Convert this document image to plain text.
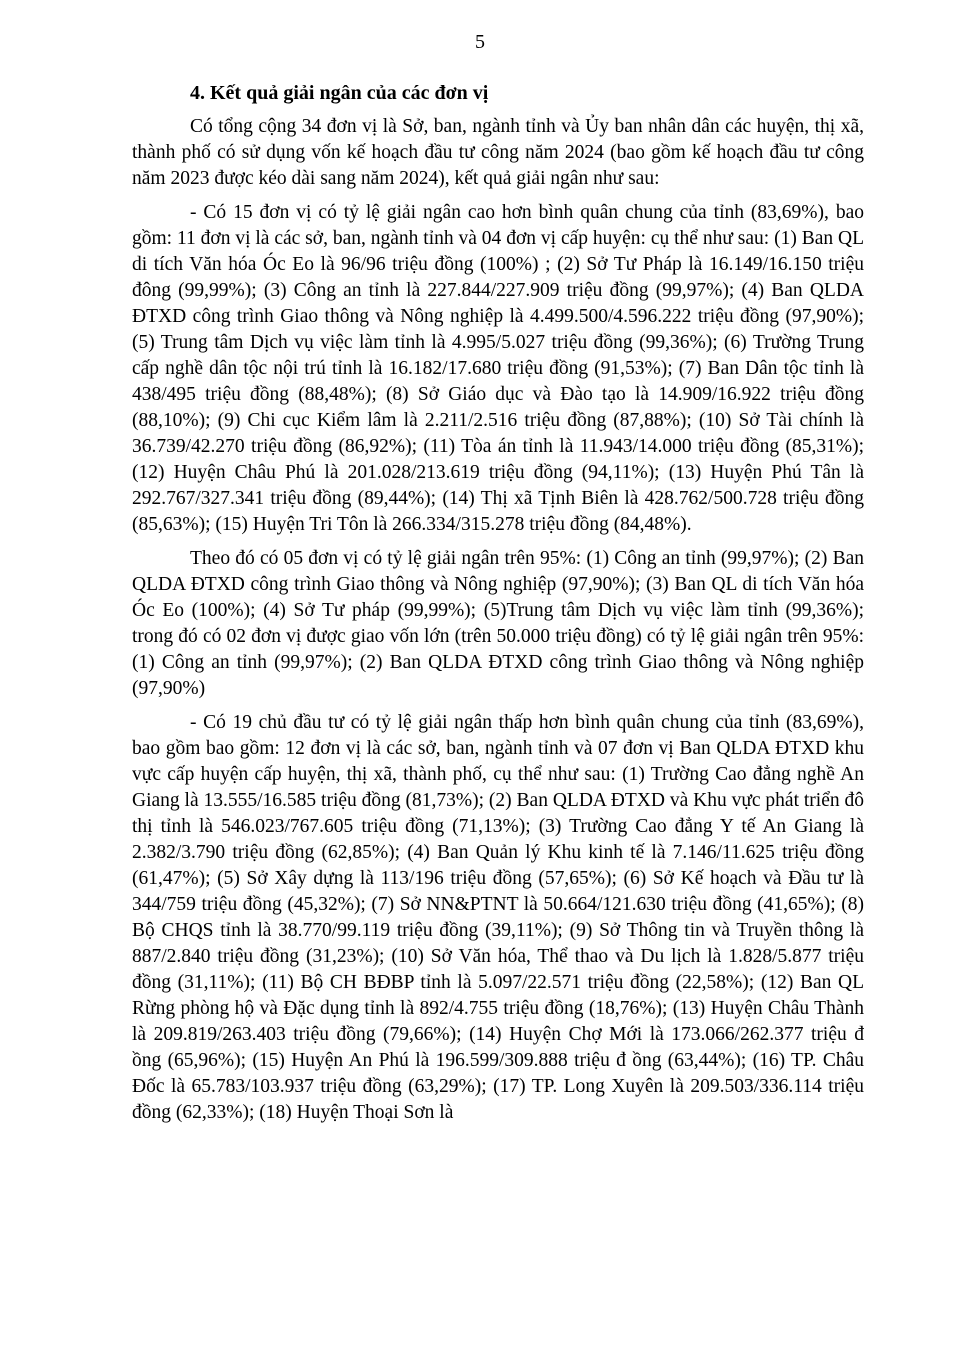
5

4. Kết quả giải ngân của các đơn vị

Có tổng cộng 34 đơn vị là Sở, ban, ngành tỉnh và Ủy ban nhân dân các huyện, thị xã, thành phố có sử dụng vốn kế hoạch đầu tư công năm 2024 (bao gồm kế hoạch đầu tư công năm 2023 được kéo dài sang năm 2024), kết quả giải ngân như sau:

- Có 15 đơn vị có tỷ lệ giải ngân cao hơn bình quân chung của tỉnh (83,69%), bao gồm: 11 đơn vị là các sở, ban, ngành tỉnh và 04 đơn vị cấp huyện: cụ thể như sau: (1) Ban QL di tích Văn hóa Óc Eo là 96/96 triệu đồng (100%) ; (2) Sở Tư Pháp là 16.149/16.150 triệu đông (99,99%); (3) Công an tỉnh là 227.844/227.909 triệu đồng (99,97%); (4) Ban QLDA ĐTXD công trình Giao thông và Nông nghiệp là 4.499.500/4.596.222 triệu đồng (97,90%); (5) Trung tâm Dịch vụ việc làm tỉnh là 4.995/5.027 triệu đồng (99,36%); (6) Trường Trung cấp nghề dân tộc nội trú tỉnh là 16.182/17.680 triệu đồng (91,53%); (7) Ban Dân tộc tỉnh là 438/495 triệu đồng (88,48%); (8) Sở Giáo dục và Đào tạo là 14.909/16.922 triệu đồng (88,10%); (9) Chi cục Kiểm lâm là 2.211/2.516 triệu đồng (87,88%); (10) Sở Tài chính là 36.739/42.270 triệu đồng (86,92%); (11) Tòa án tỉnh là 11.943/14.000 triệu đồng (85,31%); (12) Huyện Châu Phú là 201.028/213.619 triệu đồng (94,11%); (13) Huyện Phú Tân là 292.767/327.341 triệu đồng (89,44%); (14) Thị xã Tịnh Biên là 428.762/500.728 triệu đồng (85,63%); (15) Huyện Tri Tôn là 266.334/315.278 triệu đồng (84,48%).

Theo đó có 05 đơn vị có tỷ lệ giải ngân trên 95%: (1) Công an tỉnh (99,97%); (2) Ban QLDA ĐTXD công trình Giao thông và Nông nghiệp (97,90%); (3) Ban QL di tích Văn hóa Óc Eo (100%); (4) Sở Tư pháp (99,99%); (5)Trung tâm Dịch vụ việc làm tỉnh (99,36%); trong đó có 02 đơn vị được giao vốn lớn (trên 50.000 triệu đồng) có tỷ lệ giải ngân trên 95%: (1) Công an tỉnh (99,97%); (2) Ban QLDA ĐTXD công trình Giao thông và Nông nghiệp (97,90%)

- Có 19 chủ đầu tư có tỷ lệ giải ngân thấp hơn bình quân chung của tỉnh (83,69%), bao gồm bao gồm: 12 đơn vị là các sở, ban, ngành tỉnh và 07 đơn vị Ban QLDA ĐTXD khu vực cấp huyện cấp huyện, thị xã, thành phố, cụ thể như sau: (1) Trường Cao đẳng nghề An Giang là 13.555/16.585 triệu đồng (81,73%); (2) Ban QLDA ĐTXD và Khu vực phát triển đô thị tỉnh là 546.023/767.605 triệu đồng (71,13%); (3) Trường Cao đẳng Y tế An Giang là 2.382/3.790 triệu đồng (62,85%); (4) Ban Quản lý Khu kinh tế là 7.146/11.625 triệu đồng (61,47%); (5) Sở Xây dựng là 113/196 triệu đồng (57,65%); (6) Sở Kế hoạch và Đầu tư là 344/759 triệu đồng (45,32%); (7) Sở NN&PTNT là 50.664/121.630 triệu đồng (41,65%); (8) Bộ CHQS tỉnh là 38.770/99.119 triệu đồng (39,11%); (9) Sở Thông tin và Truyền thông là 887/2.840 triệu đồng (31,23%); (10) Sở Văn hóa, Thể thao và Du lịch là 1.828/5.877 triệu đồng (31,11%); (11) Bộ CH BĐBP tỉnh là 5.097/22.571 triệu đồng (22,58%); (12) Ban QL Rừng phòng hộ và Đặc dụng tỉnh là 892/4.755 triệu đồng (18,76%); (13) Huyện Châu Thành là 209.819/263.403 triệu đồng (79,66%); (14) Huyện Chợ Mới là 173.066/262.377 triệu đ ồng (65,96%); (15) Huyện An Phú là 196.599/309.888 triệu đ ồng (63,44%); (16) TP. Châu Đốc là 65.783/103.937 triệu đồng (63,29%); (17) TP. Long Xuyên là 209.503/336.114 triệu đồng (62,33%); (18) Huyện Thoại Sơn là
